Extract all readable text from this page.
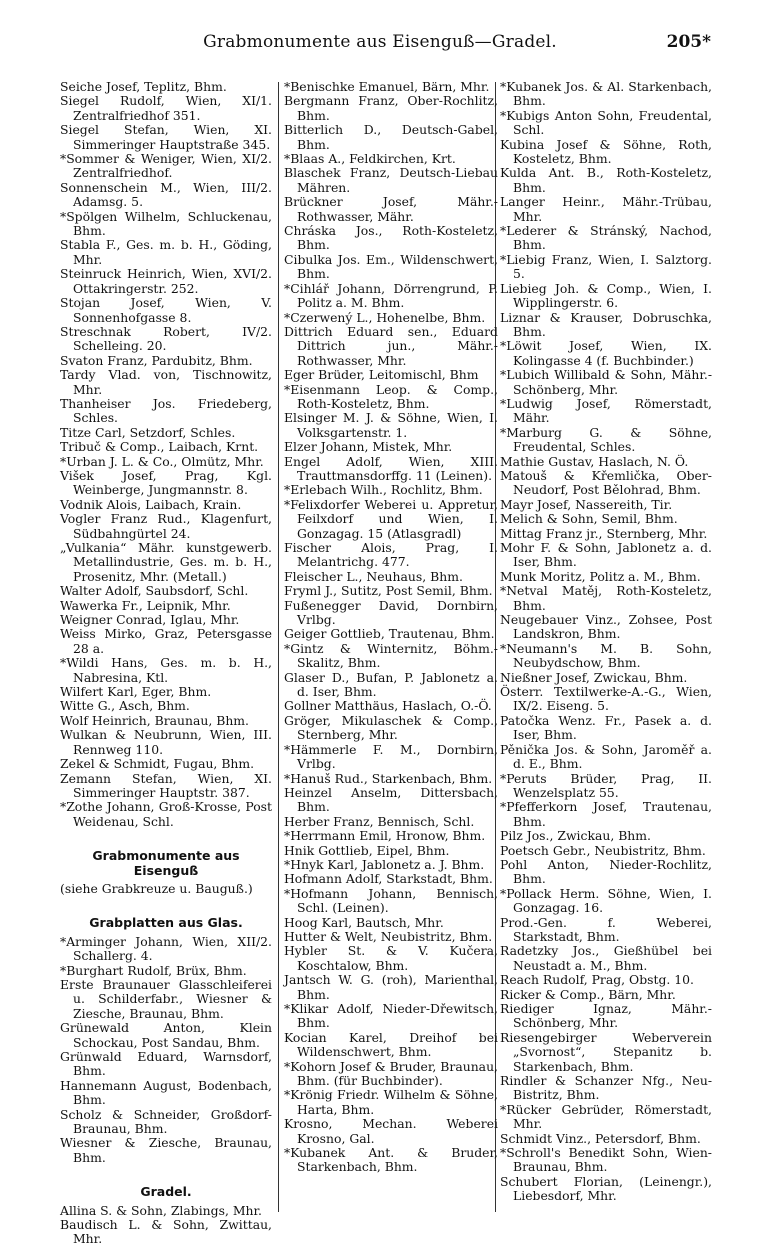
Grabmonumente aus Eisenguß—Gradel.	205*

Seiche Josef, Teplitz, Bhm.

Siegel Rudolf, Wien, XI/1. Zentralfriedhof 351.

Siegel Stefan, Wien, XI. Simmeringer Hauptstraße 345.

*Sommer & Weniger, Wien, XI/2. Zentralfriedhof.

Sonnenschein M., Wien, III/2. Adamsg. 5.

*Spölgen Wilhelm, Schluckenau, Bhm.

Stabla F., Ges. m. b. H., Göding, Mhr.

Steinruck Heinrich, Wien, XVI/2. Ottakringerstr. 252.

Stojan Josef, Wien, V. Sonnenhofgasse 8.

Streschnak Robert, IV/2. Schelleing. 20.

Svaton Franz, Pardubitz, Bhm.

Tardy Vlad. von, Tischnowitz, Mhr.

Thanheiser Jos. Friedeberg, Schles.

Titze Carl, Setzdorf, Schles.

Tribuč & Comp., Laibach, Krnt.

*Urban J. L. & Co., Olmütz, Mhr.

Višek Josef, Prag, Kgl. Weinberge, Jungmannstr. 8.

Vodnik Alois, Laibach, Krain.

Vogler Franz Rud., Klagenfurt, Südbahngürtel 24.

„Vulkania“ Mähr. kunstgewerb. Metallindustrie, Ges. m. b. H., Prosenitz, Mhr. (Metall.)

Walter Adolf, Saubsdorf, Schl.

Wawerka Fr., Leipnik, Mhr.

Weigner Conrad, Iglau, Mhr.

Weiss Mirko, Graz, Petersgasse 28 a.

*Wildi Hans, Ges. m. b. H., Nabresina, Ktl.

Wilfert Karl, Eger, Bhm.

Witte G., Asch, Bhm.

Wolf Heinrich, Braunau, Bhm.

Wulkan & Neubrunn, Wien, III. Rennweg 110.

Zekel & Schmidt, Fugau, Bhm.

Zemann Stefan, Wien, XI. Simmeringer Hauptstr. 387.

*Zothe Johann, Groß-Krosse, Post Weidenau, Schl.

Grabmonumente aus Eisenguß

(siehe Grabkreuze u. Bauguß.)

Grabplatten aus Glas.

*Arminger Johann, Wien, XII/2. Schallerg. 4.

*Burghart Rudolf, Brüx, Bhm.

Erste Braunauer Glasschleiferei u. Schilderfabr., Wiesner & Ziesche, Braunau, Bhm.

Grünewald Anton, Klein Schockau, Post Sandau, Bhm.

Grünwald Eduard, Warnsdorf, Bhm.

Hannemann August, Bodenbach, Bhm.

Scholz & Schneider, Großdorf-Braunau, Bhm.

Wiesner & Ziesche, Braunau, Bhm.

Gradel.

Allina S. & Sohn, Zlabings, Mhr.

Baudisch L. & Sohn, Zwittau, Mhr.

*Benischke Emanuel, Bärn, Mhr.

Bergmann Franz, Ober-Rochlitz, Bhm.

Bitterlich D., Deutsch-Gabel, Bhm.

*Blaas A., Feldkirchen, Krt.

Blaschek Franz, Deutsch-Liebau Mähren.

Brückner Josef, Mähr.-Rothwasser, Mähr.

Chráska Jos., Roth-Kosteletz, Bhm.

Cibulka Jos. Em., Wildenschwert, Bhm.

*Cihlář Johann, Dörrengrund, P. Politz a. M. Bhm.

*Czerwený L., Hohenelbe, Bhm.

Dittrich Eduard sen., Eduard Dittrich jun., Mähr.-Rothwasser, Mhr.

Eger Brüder, Leitomischl, Bhm

*Eisenmann Leop. & Comp., Roth-Kosteletz, Bhm.

Elsinger M. J. & Söhne, Wien, I. Volksgartenstr. 1.

Elzer Johann, Mistek, Mhr.

Engel Adolf, Wien, XIII. Trauttmansdorffg. 11 (Leinen).

*Erlebach Wilh., Rochlitz, Bhm.

*Felixdorfer Weberei u. Appretur, Feilxdorf und Wien, I. Gonzagag. 15 (Atlasgradl)

Fischer Alois, Prag, I. Melantrichg. 477.

Fleischer L., Neuhaus, Bhm.

Fryml J., Sutitz, Post Semil, Bhm.

Fußenegger David, Dornbirn, Vrlbg.

Geiger Gottlieb, Trautenau, Bhm.

*Gintz & Winternitz, Böhm.-Skalitz, Bhm.

Glaser D., Bufan, P. Jablonetz a. d. Iser, Bhm.

Gollner Matthäus, Haslach, O.-Ö.

Gröger, Mikulaschek & Comp., Sternberg, Mhr.

*Hämmerle F. M., Dornbirn, Vrlbg.

*Hanuš Rud., Starkenbach, Bhm.

Heinzel Anselm, Dittersbach, Bhm.

Herber Franz, Bennisch, Schl.

*Herrmann Emil, Hronow, Bhm.

Hnik Gottlieb, Eipel, Bhm.

*Hnyk Karl, Jablonetz a. J. Bhm.

Hofmann Adolf, Starkstadt, Bhm.

*Hofmann Johann, Bennisch, Schl. (Leinen).

Hoog Karl, Bautsch, Mhr.

Hutter & Welt, Neubistritz, Bhm.

Hybler St. & V. Kučera, Koschtalow, Bhm.

Jantsch W. G. (roh), Marienthal, Bhm.

*Klikar Adolf, Nieder-Dřewitsch, Bhm.

Kocian Karel, Dreihof bei Wildenschwert, Bhm.

*Kohorn Josef & Bruder, Braunau, Bhm. (für Buchbinder).

*Krönig Friedr. Wilhelm & Söhne, Harta, Bhm.

Krosno, Mechan. Weberei Krosno, Gal.

*Kubanek Ant. & Bruder, Starkenbach, Bhm.

*Kubanek Jos. & Al. Starkenbach, Bhm.

*Kubigs Anton Sohn, Freudental, Schl.

Kubina Josef & Söhne, Roth, Kosteletz, Bhm.

Kulda Ant. B., Roth-Kosteletz, Bhm.

Langer Heinr., Mähr.-Trübau, Mhr.

*Lederer & Stránský, Nachod, Bhm.

*Liebig Franz, Wien, I. Salztorg. 5.

Liebieg Joh. & Comp., Wien, I. Wipplingerstr. 6.

Liznar & Krauser, Dobruschka, Bhm.

*Löwit Josef, Wien, IX. Kolingasse 4 (f. Buchbinder.)

*Lubich Willibald & Sohn, Mähr.-Schönberg, Mhr.

*Ludwig Josef, Römerstadt, Mähr.

*Marburg G. & Söhne, Freudental, Schles.

Mathie Gustav, Haslach, N. Ö.

Matouš & Křemlička, Ober-Neudorf, Post Bělohrad, Bhm.

Mayr Josef, Nassereith, Tir.

Melich & Sohn, Semil, Bhm.

Mittag Franz jr., Sternberg, Mhr.

Mohr F. & Sohn, Jablonetz a. d. Iser, Bhm.

Munk Moritz, Politz a. M., Bhm.

*Netval Matěj, Roth-Kosteletz, Bhm.

Neugebauer Vinz., Zohsee, Post Landskron, Bhm.

*Neumann's M. B. Sohn, Neubydschow, Bhm.

Nießner Josef, Zwickau, Bhm.

Österr. Textilwerke-A.-G., Wien, IX/2. Eiseng. 5.

Patočka Wenz. Fr., Pasek a. d. Iser, Bhm.

Pěnička Jos. & Sohn, Jaroměř a. d. E., Bhm.

*Peruts Brüder, Prag, II. Wenzelsplatz 55.

*Pfefferkorn Josef, Trautenau, Bhm.

Pilz Jos., Zwickau, Bhm.

Poetsch Gebr., Neubistritz, Bhm.

Pohl Anton, Nieder-Rochlitz, Bhm.

*Pollack Herm. Söhne, Wien, I. Gonzagag. 16.

Prod.-Gen. f. Weberei, Starkstadt, Bhm.

Radetzky Jos., Gießhübel bei Neustadt a. M., Bhm.

Reach Rudolf, Prag, Obstg. 10.

Ricker & Comp., Bärn, Mhr.

Riediger Ignaz, Mähr.-Schönberg, Mhr.

Riesengebirger Weberverein „Svornost“, Stepanitz b. Starkenbach, Bhm.

Rindler & Schanzer Nfg., Neu-Bistritz, Bhm.

*Rücker Gebrüder, Römerstadt, Mhr.

Schmidt Vinz., Petersdorf, Bhm.

*Schroll's Benedikt Sohn, Wien-Braunau, Bhm.

Schubert Florian, (Leinengr.), Liebesdorf, Mhr.
